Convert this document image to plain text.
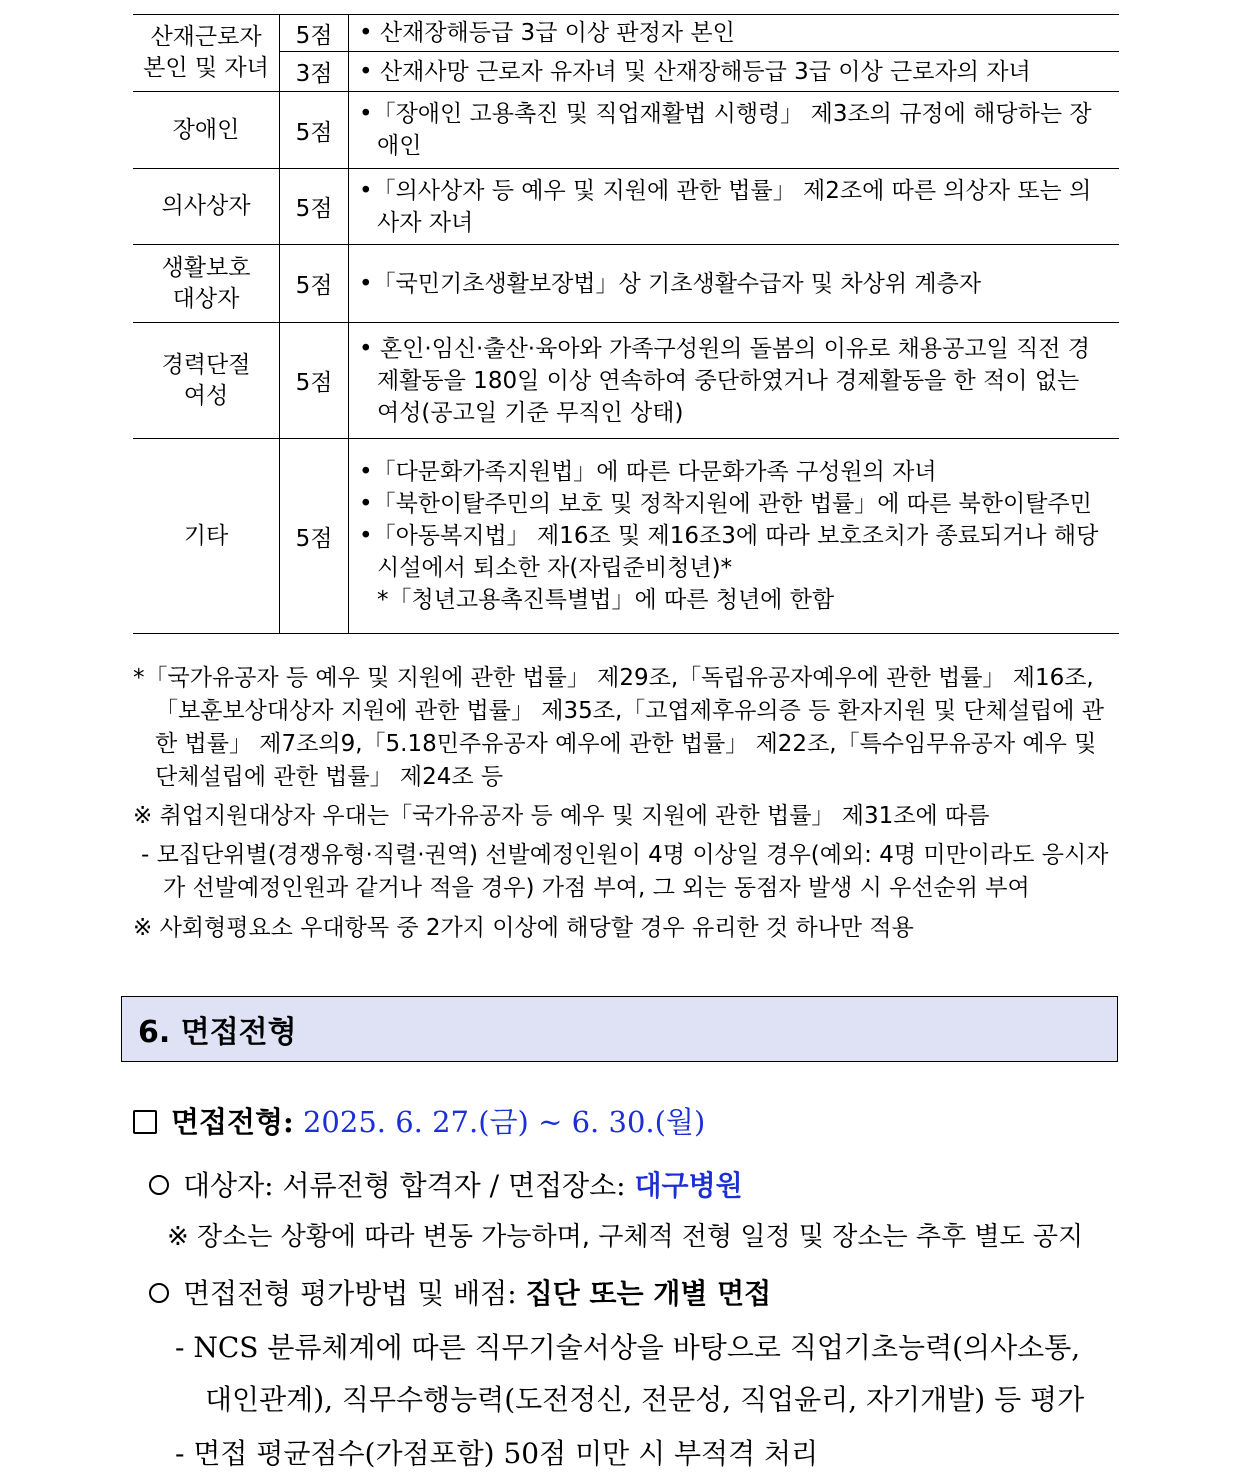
산재근로자
본인 및 자녀	5점	• 산재장해등급 3급 이상 판정자 본인

	3점	• 산재사망 근로자 유자녀 및 산재장해등급 3급 이상 근로자의 자녀

장애인	5점	•「장애인 고용촉진 및 직업재활법 시행령」 제3조의 규정에 해당하는 장애인

의사상자	5점	•「의사상자 등 예우 및 지원에 관한 법률」 제2조에 따른 의상자 또는 의사자 자녀

생활보호
대상자	5점	•「국민기초생활보장법」상 기초생활수급자 및 차상위 계층자

경력단절
여성	5점	• 혼인·임신·출산·육아와 가족구성원의 돌봄의 이유로 채용공고일 직전 경제활동을 180일 이상 연속하여 중단하였거나 경제활동을 한 적이 없는 여성(공고일 기준 무직인 상태)

기타	5점	•「다문화가족지원법」에 따른 다문화가족 구성원의 자녀
•「북한이탈주민의 보호 및 정착지원에 관한 법률」에 따른 북한이탈주민
•「아동복지법」 제16조 및 제16조3에 따라 보호조치가 종료되거나 해당 시설에서 퇴소한 자(자립준비청년)*
*「청년고용촉진특별법」에 따른 청년에 한함
*「국가유공자 등 예우 및 지원에 관한 법률」 제29조,「독립유공자예우에 관한 법률」 제16조,「보훈보상대상자 지원에 관한 법률」 제35조,「고엽제후유의증 등 환자지원 및 단체설립에 관한 법률」 제7조의9,「5.18민주유공자 예우에 관한 법률」 제22조,「특수임무유공자 예우 및 단체설립에 관한 법률」 제24조 등
※ 취업지원대상자 우대는「국가유공자 등 예우 및 지원에 관한 법률」 제31조에 따름
- 모집단위별(경쟁유형·직렬·권역) 선발예정인원이 4명 이상일 경우(예외: 4명 미만이라도 응시자가 선발예정인원과 같거나 적을 경우) 가점 부여, 그 외는 동점자 발생 시 우선순위 부여
※ 사회형평요소 우대항목 중 2가지 이상에 해당할 경우 유리한 것 하나만 적용
6. 면접전형
면접전형: 2025. 6. 27.(금) ~ 6. 30.(월)
대상자: 서류전형 합격자 / 면접장소: 대구병원
※ 장소는 상황에 따라 변동 가능하며, 구체적 전형 일정 및 장소는 추후 별도 공지
면접전형 평가방법 및 배점: 집단 또는 개별 면접
- NCS 분류체계에 따른 직무기술서상을 바탕으로 직업기초능력(의사소통,
대인관계), 직무수행능력(도전정신, 전문성, 직업윤리, 자기개발) 등 평가
- 면접 평균점수(가점포함) 50점 미만 시 부적격 처리
